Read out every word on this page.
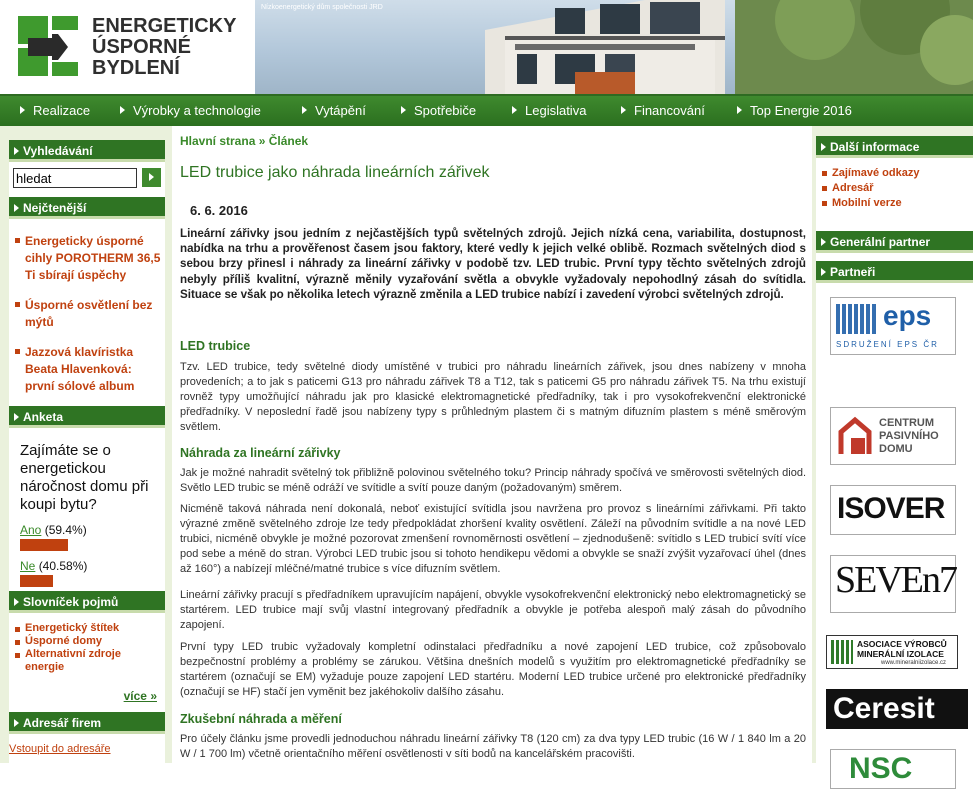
ENERGETICKY
ÚSPORNÉ
BYDLENÍ
Nízkoenergetický dům společnosti JRD
Realizace	Výrobky a technologie	Vytápění	Spotřebiče	Legislativa	Financování	Top Energie 2016
Vyhledávání
hledat
Nejčtenější
Energeticky úsporné cihly POROTHERM 36,5 Ti sbírají úspěchy
Úsporné osvětlení bez mýtů
Jazzová klavíristka Beata Hlavenková: první sólové album
Anketa
Zajímáte se o energetickou náročnost domu při koupi bytu?
Ano (59.4%)
Ne (40.58%)
Slovníček pojmů
Energetický štítek
Úsporné domy
Alternativní zdroje energie
více »
Adresář firem
Vstoupit do adresáře
Hlavní strana » Článek
LED trubice jako náhrada lineárních zářivek
6. 6. 2016
Lineární zářivky jsou jedním z nejčastějších typů světelných zdrojů. Jejich nízká cena, variabilita, dostupnost, nabídka na trhu a prověřenost časem jsou faktory, které vedly k jejich velké oblibě. Rozmach světelných diod s sebou brzy přinesl i náhrady za lineární zářivky v podobě tzv. LED trubic. První typy těchto světelných zdrojů nebyly příliš kvalitní, výrazně měnily vyzařování světla a obvykle vyžadovaly nepohodlný zásah do svítidla. Situace se však po několika letech výrazně změnila a LED trubice nabízí i zavedení výrobci světelných zdrojů.
LED trubice
Tzv. LED trubice, tedy světelné diody umístěné v trubici pro náhradu lineárních zářivek, jsou dnes nabízeny v mnoha provedeních; a to jak s paticemi G13 pro náhradu zářivek T8 a T12, tak s paticemi G5 pro náhradu zářivek T5. Na trhu existují rovněž typy umožňující náhradu jak pro klasické elektromagnetické předřadníky, tak i pro vysokofrekvenční elektronické předřadníky. V neposlední řadě jsou nabízeny typy s průhledným plastem či s matným difuzním plastem s méně směrovým světlem.
Náhrada za lineární zářivky
Jak je možné nahradit světelný tok přibližně polovinou světelného toku? Princip náhrady spočívá ve směrovosti světelných diod. Světlo LED trubic se méně odráží ve svítidle a svítí pouze daným (požadovaným) směrem.
Nicméně taková náhrada není dokonalá, neboť existující svítidla jsou navržena pro provoz s lineárními zářivkami. Při takto výrazné změně světelného zdroje lze tedy předpokládat zhoršení kvality osvětlení. Záleží na původním svítidle a na nové LED trubici, nicméně obvykle je možné pozorovat zmenšení rovnoměrnosti osvětlení – zjednodušeně: svítidlo s LED trubicí svítí více pod sebe a méně do stran. Výrobci LED trubic jsou si tohoto hendikepu vědomi a obvykle se snaží zvýšit vyzařovací úhel (dnes až 160°) a nabízejí mléčné/matné trubice s více difuzním světlem.
Lineární zářivky pracují s předřadníkem upravujícím napájení, obvykle vysokofrekvenční elektronický nebo elektromagnetický se startérem. LED trubice mají svůj vlastní integrovaný předřadník a obvykle je potřeba alespoň malý zásah do původního zapojení.
První typy LED trubic vyžadovaly kompletní odinstalaci předřadníku a nové zapojení LED trubice, což způsobovalo bezpečnostní problémy a problémy se zárukou. Většina dnešních modelů s využitím pro elektromagnetické předřadníky se startérem (označují se EM) vyžaduje pouze zapojení LED startéru. Moderní LED trubice určené pro elektronické předřadníky (označují se HF) stačí jen vyměnit bez jakéhokoliv dalšího zásahu.
Zkušební náhrada a měření
Pro účely článku jsme provedli jednoduchou náhradu lineární zářivky T8 (120 cm) za dva typy LED trubic (16 W / 1 840 lm a 20 W / 1 700 lm) včetně orientačního měření osvětlenosti v síti bodů na kancelářském pracovišti.
Další informace
Zajímavé odkazy
Adresář
Mobilní verze
Generální partner
Partneři
eps
SDRUŽENÍ EPS ČR
CENTRUM PASIVNÍHO DOMU
ISOVER
SEVEn7
ASOCIACE VÝROBCŮ MINERÁLNÍ IZOLACE
www.mineralniizolace.cz
Ceresit
NSC
